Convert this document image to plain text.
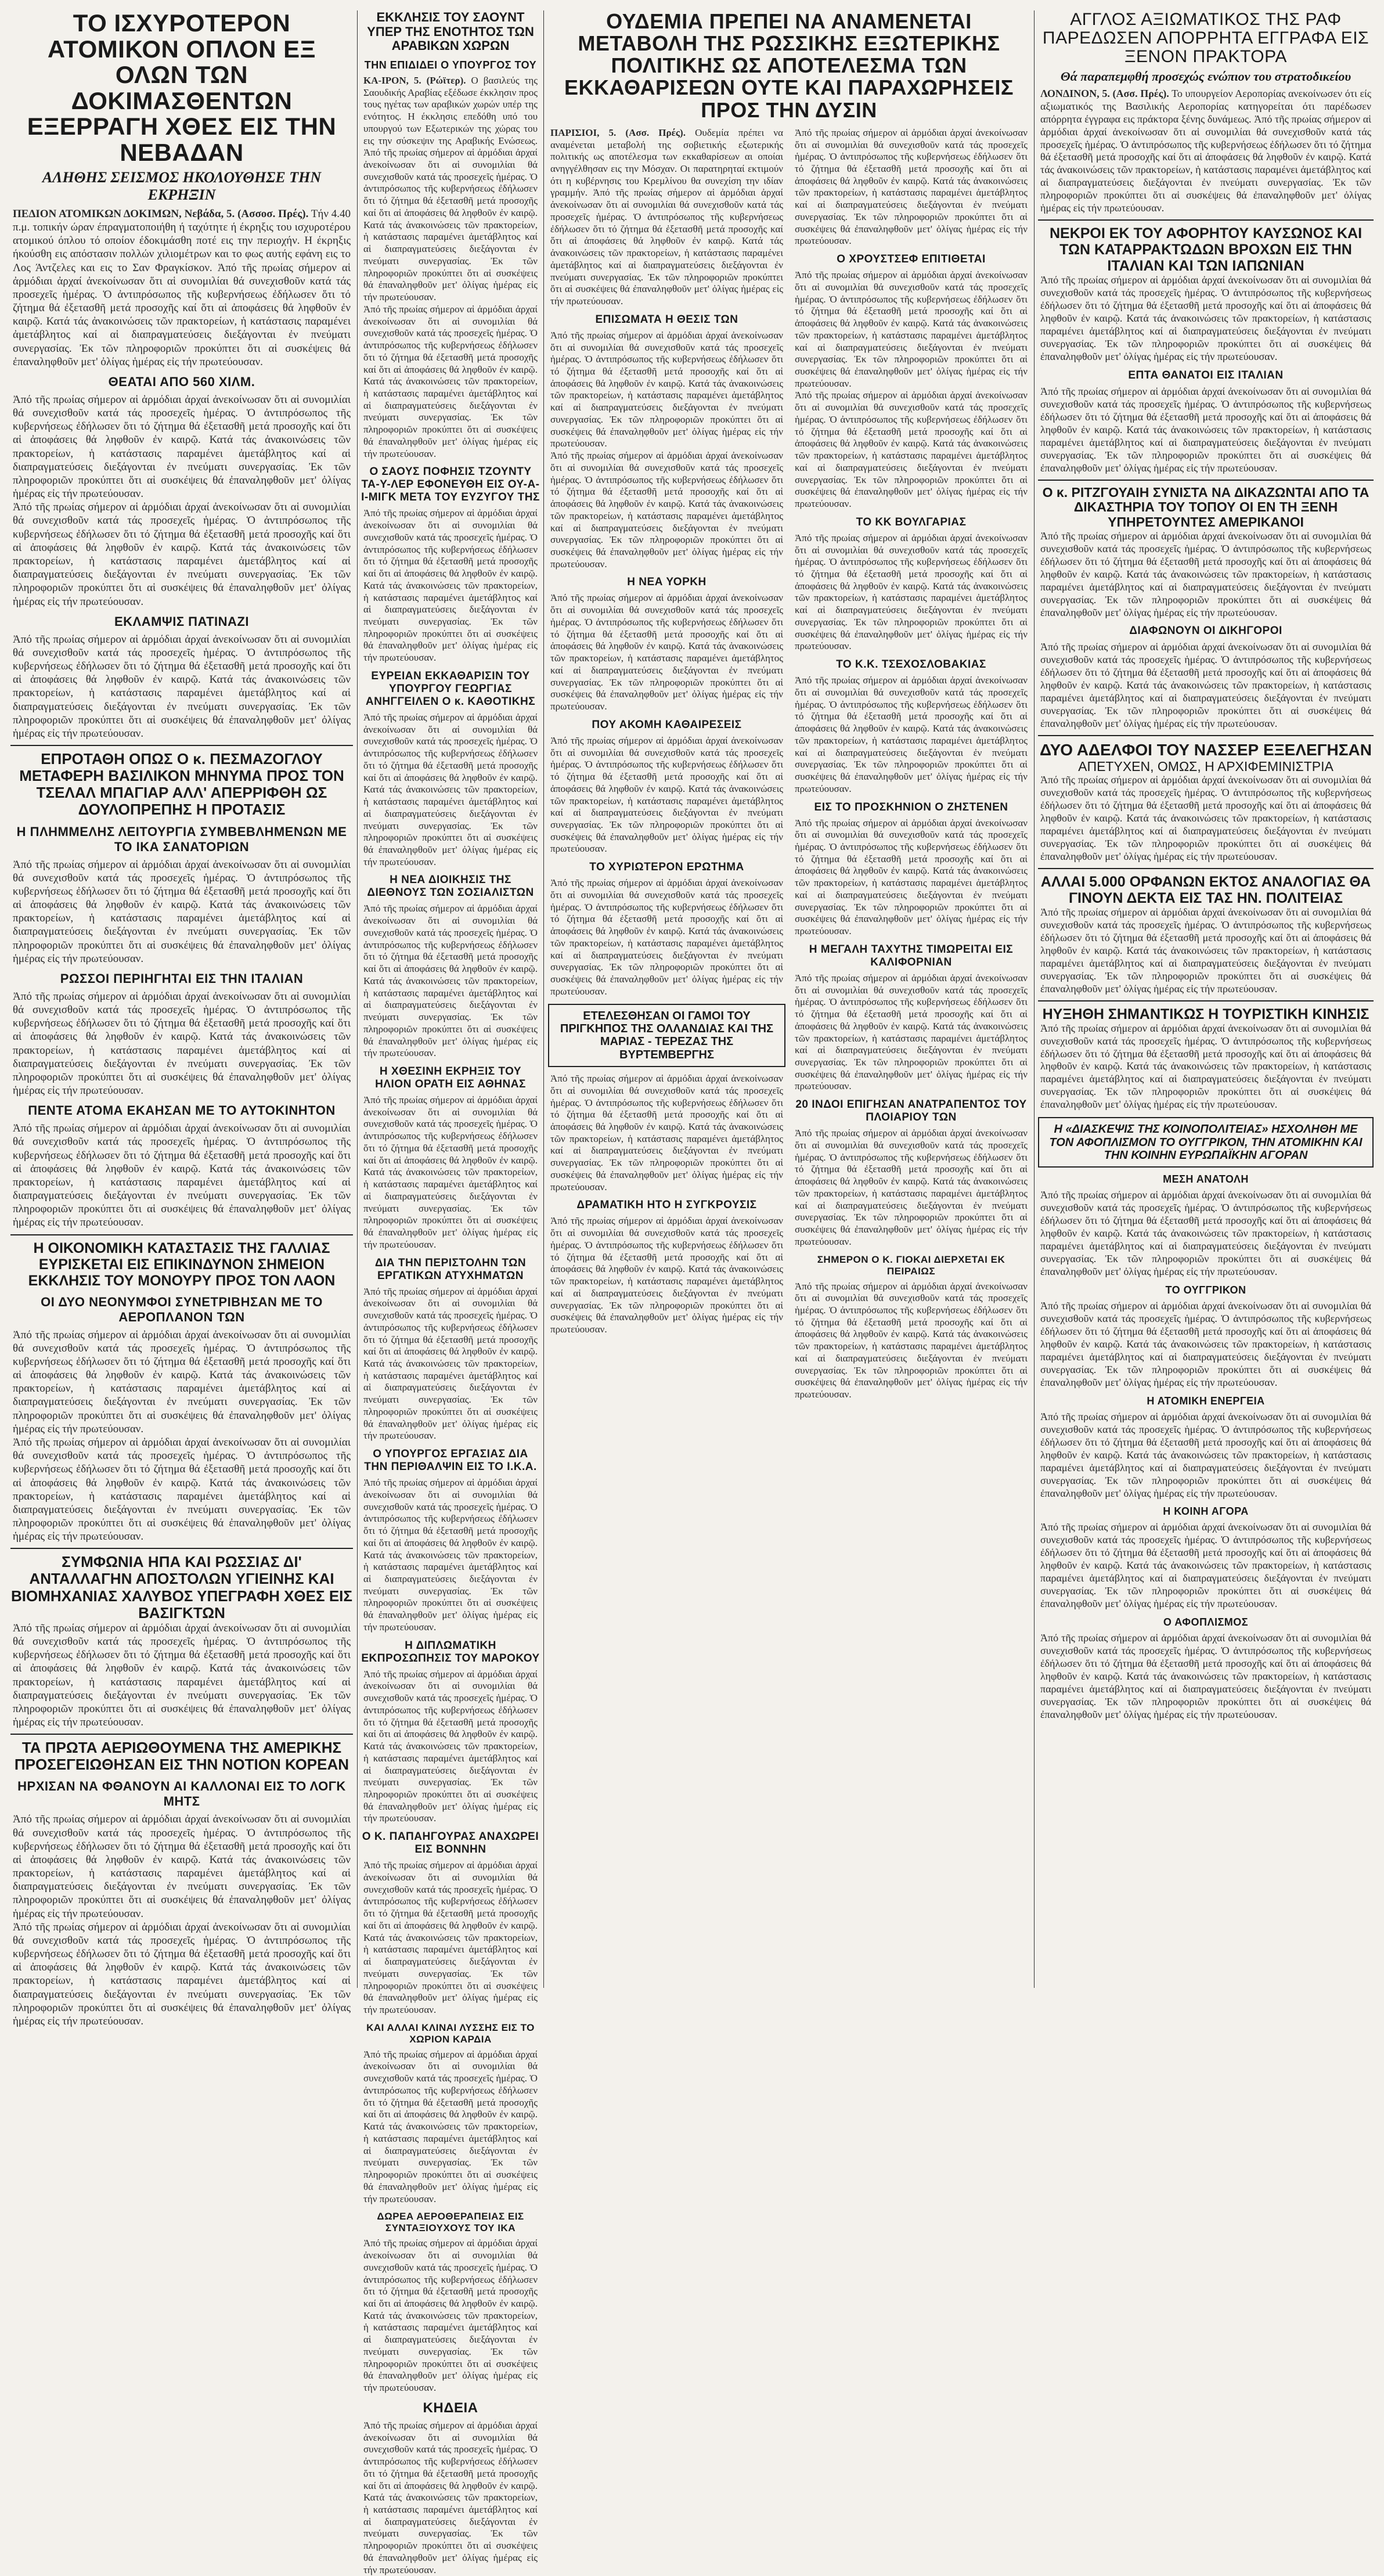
ΤΟ ΙΣΧΥΡΟΤΕΡΟΝ ΑΤΟΜΙΚΟΝ ΟΠΛΟΝ ΕΞ ΟΛΩΝ ΤΩΝ ΔΟΚΙΜΑΣΘΕΝΤΩΝ ΕΞΕΡΡΑΓΗ ΧΘΕΣ ΕΙΣ ΤΗΝ ΝΕΒΑΔΑΝ
ΑΛΗΘΗΣ ΣΕΙΣΜΟΣ ΗΚΟΛΟΥΘΗΣΕ ΤΗΝ ΕΚΡΗΞΙΝ

ΠΕΔΙΟΝ ΑΤΟΜΙΚΩΝ ΔΟΚΙΜΩΝ, Νεβάδα, 5. (Ασσοσ. Πρές). Τήν 4.40 π.μ. τοπικήν ώραν έπραγματοποιήθη ή ταχύτητε ή έκρηξις του ισχυροτέρου ατομικού όπλου τό οποίον έδοκιμάσθη ποτέ εις την περιοχήν. Η έκρηξις ήκούσθη εις απόστασιν πολλών χιλιομέτρων και το φως αυτής εφάνη εις το Λος Άντζελες και εις το Σαν Φραγκίσκον. Ἀπό τῆς πρωίας σήμερον αἱ ἀρμόδιαι ἀρχαί ἀνεκοίνωσαν ὅτι αἱ συνομιλίαι θά συνεχισθοῦν κατά τάς προσεχεῖς ἡμέρας. Ὁ ἀντιπρόσωπος τῆς κυβερνήσεως ἐδήλωσεν ὅτι τό ζήτημα θά ἐξετασθῆ μετά προσοχῆς καί ὅτι αἱ ἀποφάσεις θά ληφθοῦν ἐν καιρῷ. Κατά τάς ἀνακοινώσεις τῶν πρακτορείων, ἡ κατάστασις παραμένει ἀμετάβλητος καί αἱ διαπραγματεύσεις διεξάγονται ἐν πνεύματι συνεργασίας. Ἐκ τῶν πληροφοριῶν προκύπτει ὅτι αἱ συσκέψεις θά ἐπαναληφθοῦν μετ' ὀλίγας ἡμέρας εἰς τήν πρωτεύουσαν.

ΘΕΑΤΑΙ ΑΠΟ 560 ΧΙΛΜ.

Ἀπό τῆς πρωίας σήμερον αἱ ἀρμόδιαι ἀρχαί ἀνεκοίνωσαν ὅτι αἱ συνομιλίαι θά συνεχισθοῦν κατά τάς προσεχεῖς ἡμέρας. Ὁ ἀντιπρόσωπος τῆς κυβερνήσεως ἐδήλωσεν ὅτι τό ζήτημα θά ἐξετασθῆ μετά προσοχῆς καί ὅτι αἱ ἀποφάσεις θά ληφθοῦν ἐν καιρῷ. Κατά τάς ἀνακοινώσεις τῶν πρακτορείων, ἡ κατάστασις παραμένει ἀμετάβλητος καί αἱ διαπραγματεύσεις διεξάγονται ἐν πνεύματι συνεργασίας. Ἐκ τῶν πληροφοριῶν προκύπτει ὅτι αἱ συσκέψεις θά ἐπαναληφθοῦν μετ' ὀλίγας ἡμέρας εἰς τήν πρωτεύουσαν.

Ἀπό τῆς πρωίας σήμερον αἱ ἀρμόδιαι ἀρχαί ἀνεκοίνωσαν ὅτι αἱ συνομιλίαι θά συνεχισθοῦν κατά τάς προσεχεῖς ἡμέρας. Ὁ ἀντιπρόσωπος τῆς κυβερνήσεως ἐδήλωσεν ὅτι τό ζήτημα θά ἐξετασθῆ μετά προσοχῆς καί ὅτι αἱ ἀποφάσεις θά ληφθοῦν ἐν καιρῷ. Κατά τάς ἀνακοινώσεις τῶν πρακτορείων, ἡ κατάστασις παραμένει ἀμετάβλητος καί αἱ διαπραγματεύσεις διεξάγονται ἐν πνεύματι συνεργασίας. Ἐκ τῶν πληροφοριῶν προκύπτει ὅτι αἱ συσκέψεις θά ἐπαναληφθοῦν μετ' ὀλίγας ἡμέρας εἰς τήν πρωτεύουσαν.

ΕΚΛΑΜΨΙΣ ΠΑΤΙΝΑΖΙ

Ἀπό τῆς πρωίας σήμερον αἱ ἀρμόδιαι ἀρχαί ἀνεκοίνωσαν ὅτι αἱ συνομιλίαι θά συνεχισθοῦν κατά τάς προσεχεῖς ἡμέρας. Ὁ ἀντιπρόσωπος τῆς κυβερνήσεως ἐδήλωσεν ὅτι τό ζήτημα θά ἐξετασθῆ μετά προσοχῆς καί ὅτι αἱ ἀποφάσεις θά ληφθοῦν ἐν καιρῷ. Κατά τάς ἀνακοινώσεις τῶν πρακτορείων, ἡ κατάστασις παραμένει ἀμετάβλητος καί αἱ διαπραγματεύσεις διεξάγονται ἐν πνεύματι συνεργασίας. Ἐκ τῶν πληροφοριῶν προκύπτει ὅτι αἱ συσκέψεις θά ἐπαναληφθοῦν μετ' ὀλίγας ἡμέρας εἰς τήν πρωτεύουσαν.

ΕΠΡΟΤΑΘΗ ΟΠΩΣ Ο κ. ΠΕΣΜΑΖΟΓΛΟΥ ΜΕΤΑΦΕΡΗ ΒΑΣΙΛΙΚΟΝ ΜΗΝΥΜΑ ΠΡΟΣ ΤΟΝ ΤΣΕΛΑΛ ΜΠΑΓΙΑΡ ΑΛΛ' ΑΠΕΡΡΙΦΘΗ ΩΣ ΔΟΥΛΟΠΡΕΠΗΣ Η ΠΡΟΤΑΣΙΣ
Η ΠΛΗΜΜΕΛΗΣ ΛΕΙΤΟΥΡΓΙΑ ΣΥΜΒΕΒΛΗΜΕΝΩΝ ΜΕ ΤΟ ΙΚΑ ΣΑΝΑΤΟΡΙΩΝ

Ἀπό τῆς πρωίας σήμερον αἱ ἀρμόδιαι ἀρχαί ἀνεκοίνωσαν ὅτι αἱ συνομιλίαι θά συνεχισθοῦν κατά τάς προσεχεῖς ἡμέρας. Ὁ ἀντιπρόσωπος τῆς κυβερνήσεως ἐδήλωσεν ὅτι τό ζήτημα θά ἐξετασθῆ μετά προσοχῆς καί ὅτι αἱ ἀποφάσεις θά ληφθοῦν ἐν καιρῷ. Κατά τάς ἀνακοινώσεις τῶν πρακτορείων, ἡ κατάστασις παραμένει ἀμετάβλητος καί αἱ διαπραγματεύσεις διεξάγονται ἐν πνεύματι συνεργασίας. Ἐκ τῶν πληροφοριῶν προκύπτει ὅτι αἱ συσκέψεις θά ἐπαναληφθοῦν μετ' ὀλίγας ἡμέρας εἰς τήν πρωτεύουσαν.

ΡΩΣΣΟΙ ΠΕΡΙΗΓΗΤΑΙ ΕΙΣ ΤΗΝ ΙΤΑΛΙΑΝ

Ἀπό τῆς πρωίας σήμερον αἱ ἀρμόδιαι ἀρχαί ἀνεκοίνωσαν ὅτι αἱ συνομιλίαι θά συνεχισθοῦν κατά τάς προσεχεῖς ἡμέρας. Ὁ ἀντιπρόσωπος τῆς κυβερνήσεως ἐδήλωσεν ὅτι τό ζήτημα θά ἐξετασθῆ μετά προσοχῆς καί ὅτι αἱ ἀποφάσεις θά ληφθοῦν ἐν καιρῷ. Κατά τάς ἀνακοινώσεις τῶν πρακτορείων, ἡ κατάστασις παραμένει ἀμετάβλητος καί αἱ διαπραγματεύσεις διεξάγονται ἐν πνεύματι συνεργασίας. Ἐκ τῶν πληροφοριῶν προκύπτει ὅτι αἱ συσκέψεις θά ἐπαναληφθοῦν μετ' ὀλίγας ἡμέρας εἰς τήν πρωτεύουσαν.

ΠΕΝΤΕ ΑΤΟΜΑ ΕΚΑΗΣΑΝ ΜΕ ΤΟ ΑΥΤΟΚΙΝΗΤΟΝ

Ἀπό τῆς πρωίας σήμερον αἱ ἀρμόδιαι ἀρχαί ἀνεκοίνωσαν ὅτι αἱ συνομιλίαι θά συνεχισθοῦν κατά τάς προσεχεῖς ἡμέρας. Ὁ ἀντιπρόσωπος τῆς κυβερνήσεως ἐδήλωσεν ὅτι τό ζήτημα θά ἐξετασθῆ μετά προσοχῆς καί ὅτι αἱ ἀποφάσεις θά ληφθοῦν ἐν καιρῷ. Κατά τάς ἀνακοινώσεις τῶν πρακτορείων, ἡ κατάστασις παραμένει ἀμετάβλητος καί αἱ διαπραγματεύσεις διεξάγονται ἐν πνεύματι συνεργασίας. Ἐκ τῶν πληροφοριῶν προκύπτει ὅτι αἱ συσκέψεις θά ἐπαναληφθοῦν μετ' ὀλίγας ἡμέρας εἰς τήν πρωτεύουσαν.

Η ΟΙΚΟΝΟΜΙΚΗ ΚΑΤΑΣΤΑΣΙΣ ΤΗΣ ΓΑΛΛΙΑΣ ΕΥΡΙΣΚΕΤΑΙ ΕΙΣ ΕΠΙΚΙΝΔΥΝΟΝ ΣΗΜΕΙΟΝ ΕΚΚΛΗΣΙΣ ΤΟΥ ΜΟΝΟΥΡΥ ΠΡΟΣ ΤΟΝ ΛΑΟΝ
ΟΙ ΔΥΟ ΝΕΟΝΥΜΦΟΙ ΣΥΝΕΤΡΙΒΗΣΑΝ ΜΕ ΤΟ ΑΕΡΟΠΛΑΝΟΝ ΤΩΝ

Ἀπό τῆς πρωίας σήμερον αἱ ἀρμόδιαι ἀρχαί ἀνεκοίνωσαν ὅτι αἱ συνομιλίαι θά συνεχισθοῦν κατά τάς προσεχεῖς ἡμέρας. Ὁ ἀντιπρόσωπος τῆς κυβερνήσεως ἐδήλωσεν ὅτι τό ζήτημα θά ἐξετασθῆ μετά προσοχῆς καί ὅτι αἱ ἀποφάσεις θά ληφθοῦν ἐν καιρῷ. Κατά τάς ἀνακοινώσεις τῶν πρακτορείων, ἡ κατάστασις παραμένει ἀμετάβλητος καί αἱ διαπραγματεύσεις διεξάγονται ἐν πνεύματι συνεργασίας. Ἐκ τῶν πληροφοριῶν προκύπτει ὅτι αἱ συσκέψεις θά ἐπαναληφθοῦν μετ' ὀλίγας ἡμέρας εἰς τήν πρωτεύουσαν.

Ἀπό τῆς πρωίας σήμερον αἱ ἀρμόδιαι ἀρχαί ἀνεκοίνωσαν ὅτι αἱ συνομιλίαι θά συνεχισθοῦν κατά τάς προσεχεῖς ἡμέρας. Ὁ ἀντιπρόσωπος τῆς κυβερνήσεως ἐδήλωσεν ὅτι τό ζήτημα θά ἐξετασθῆ μετά προσοχῆς καί ὅτι αἱ ἀποφάσεις θά ληφθοῦν ἐν καιρῷ. Κατά τάς ἀνακοινώσεις τῶν πρακτορείων, ἡ κατάστασις παραμένει ἀμετάβλητος καί αἱ διαπραγματεύσεις διεξάγονται ἐν πνεύματι συνεργασίας. Ἐκ τῶν πληροφοριῶν προκύπτει ὅτι αἱ συσκέψεις θά ἐπαναληφθοῦν μετ' ὀλίγας ἡμέρας εἰς τήν πρωτεύουσαν.

ΣΥΜΦΩΝΙΑ ΗΠΑ ΚΑΙ ΡΩΣΣΙΑΣ ΔΙ' ΑΝΤΑΛΛΑΓΗΝ ΑΠΟΣΤΟΛΩΝ ΥΓΙΕΙΝΗΣ ΚΑΙ ΒΙΟΜΗΧΑΝΙΑΣ ΧΑΛΥΒΟΣ ΥΠΕΓΡΑΦΗ ΧΘΕΣ ΕΙΣ ΒΑΣΙΓΚΤΩΝ

Ἀπό τῆς πρωίας σήμερον αἱ ἀρμόδιαι ἀρχαί ἀνεκοίνωσαν ὅτι αἱ συνομιλίαι θά συνεχισθοῦν κατά τάς προσεχεῖς ἡμέρας. Ὁ ἀντιπρόσωπος τῆς κυβερνήσεως ἐδήλωσεν ὅτι τό ζήτημα θά ἐξετασθῆ μετά προσοχῆς καί ὅτι αἱ ἀποφάσεις θά ληφθοῦν ἐν καιρῷ. Κατά τάς ἀνακοινώσεις τῶν πρακτορείων, ἡ κατάστασις παραμένει ἀμετάβλητος καί αἱ διαπραγματεύσεις διεξάγονται ἐν πνεύματι συνεργασίας. Ἐκ τῶν πληροφοριῶν προκύπτει ὅτι αἱ συσκέψεις θά ἐπαναληφθοῦν μετ' ὀλίγας ἡμέρας εἰς τήν πρωτεύουσαν.

ΤΑ ΠΡΩΤΑ ΑΕΡΙΩΘΟΥΜΕΝΑ ΤΗΣ ΑΜΕΡΙΚΗΣ ΠΡΟΣΕΓΕΙΩΘΗΣΑΝ ΕΙΣ ΤΗΝ ΝΟΤΙΟΝ ΚΟΡΕΑΝ
ΗΡΧΙΣΑΝ ΝΑ ΦΘΑΝΟΥΝ ΑΙ ΚΑΛΛΟΝΑΙ ΕΙΣ ΤΟ ΛΟΓΚ ΜΗΤΣ

Ἀπό τῆς πρωίας σήμερον αἱ ἀρμόδιαι ἀρχαί ἀνεκοίνωσαν ὅτι αἱ συνομιλίαι θά συνεχισθοῦν κατά τάς προσεχεῖς ἡμέρας. Ὁ ἀντιπρόσωπος τῆς κυβερνήσεως ἐδήλωσεν ὅτι τό ζήτημα θά ἐξετασθῆ μετά προσοχῆς καί ὅτι αἱ ἀποφάσεις θά ληφθοῦν ἐν καιρῷ. Κατά τάς ἀνακοινώσεις τῶν πρακτορείων, ἡ κατάστασις παραμένει ἀμετάβλητος καί αἱ διαπραγματεύσεις διεξάγονται ἐν πνεύματι συνεργασίας. Ἐκ τῶν πληροφοριῶν προκύπτει ὅτι αἱ συσκέψεις θά ἐπαναληφθοῦν μετ' ὀλίγας ἡμέρας εἰς τήν πρωτεύουσαν.

Ἀπό τῆς πρωίας σήμερον αἱ ἀρμόδιαι ἀρχαί ἀνεκοίνωσαν ὅτι αἱ συνομιλίαι θά συνεχισθοῦν κατά τάς προσεχεῖς ἡμέρας. Ὁ ἀντιπρόσωπος τῆς κυβερνήσεως ἐδήλωσεν ὅτι τό ζήτημα θά ἐξετασθῆ μετά προσοχῆς καί ὅτι αἱ ἀποφάσεις θά ληφθοῦν ἐν καιρῷ. Κατά τάς ἀνακοινώσεις τῶν πρακτορείων, ἡ κατάστασις παραμένει ἀμετάβλητος καί αἱ διαπραγματεύσεις διεξάγονται ἐν πνεύματι συνεργασίας. Ἐκ τῶν πληροφοριῶν προκύπτει ὅτι αἱ συσκέψεις θά ἐπαναληφθοῦν μετ' ὀλίγας ἡμέρας εἰς τήν πρωτεύουσαν.

ΕΚΚΛΗΣΙΣ ΤΟΥ ΣΑΟΥΝΤ ΥΠΕΡ ΤΗΣ ΕΝΟΤΗΤΟΣ ΤΩΝ ΑΡΑΒΙΚΩΝ ΧΩΡΩΝ
ΤΗΝ ΕΠΙΔΙΔΕΙ Ο ΥΠΟΥΡΓΟΣ ΤΟΥ

ΚΑ-ΙΡΟΝ, 5. (Ρώϊτερ). Ο βασιλεύς της Σαουδικής Αραβίας εξέδωσε έκκλησιν προς τους ηγέτας των αραβικών χωρών υπέρ της ενότητος. Η έκκλησις επεδόθη υπό του υπουργού των Εξωτερικών της χώρας του εις την σύσκεψιν της Αραβικής Ενώσεως. Ἀπό τῆς πρωίας σήμερον αἱ ἀρμόδιαι ἀρχαί ἀνεκοίνωσαν ὅτι αἱ συνομιλίαι θά συνεχισθοῦν κατά τάς προσεχεῖς ἡμέρας. Ὁ ἀντιπρόσωπος τῆς κυβερνήσεως ἐδήλωσεν ὅτι τό ζήτημα θά ἐξετασθῆ μετά προσοχῆς καί ὅτι αἱ ἀποφάσεις θά ληφθοῦν ἐν καιρῷ. Κατά τάς ἀνακοινώσεις τῶν πρακτορείων, ἡ κατάστασις παραμένει ἀμετάβλητος καί αἱ διαπραγματεύσεις διεξάγονται ἐν πνεύματι συνεργασίας. Ἐκ τῶν πληροφοριῶν προκύπτει ὅτι αἱ συσκέψεις θά ἐπαναληφθοῦν μετ' ὀλίγας ἡμέρας εἰς τήν πρωτεύουσαν.

Ἀπό τῆς πρωίας σήμερον αἱ ἀρμόδιαι ἀρχαί ἀνεκοίνωσαν ὅτι αἱ συνομιλίαι θά συνεχισθοῦν κατά τάς προσεχεῖς ἡμέρας. Ὁ ἀντιπρόσωπος τῆς κυβερνήσεως ἐδήλωσεν ὅτι τό ζήτημα θά ἐξετασθῆ μετά προσοχῆς καί ὅτι αἱ ἀποφάσεις θά ληφθοῦν ἐν καιρῷ. Κατά τάς ἀνακοινώσεις τῶν πρακτορείων, ἡ κατάστασις παραμένει ἀμετάβλητος καί αἱ διαπραγματεύσεις διεξάγονται ἐν πνεύματι συνεργασίας. Ἐκ τῶν πληροφοριῶν προκύπτει ὅτι αἱ συσκέψεις θά ἐπαναληφθοῦν μετ' ὀλίγας ἡμέρας εἰς τήν πρωτεύουσαν.

Ο ΣΑΟΥΣ ΠΟΦΗΣΙΣ ΤΖΟΥΝΤΥ ΤΑ-Υ-ΛΕΡ ΕΦΟΝΕΥΘΗ ΕΙΣ ΟΥ-Α-Ι-ΜΙΓΚ ΜΕΤΑ ΤΟΥ ΕΥΖΥΓΟΥ ΤΗΣ

Ἀπό τῆς πρωίας σήμερον αἱ ἀρμόδιαι ἀρχαί ἀνεκοίνωσαν ὅτι αἱ συνομιλίαι θά συνεχισθοῦν κατά τάς προσεχεῖς ἡμέρας. Ὁ ἀντιπρόσωπος τῆς κυβερνήσεως ἐδήλωσεν ὅτι τό ζήτημα θά ἐξετασθῆ μετά προσοχῆς καί ὅτι αἱ ἀποφάσεις θά ληφθοῦν ἐν καιρῷ. Κατά τάς ἀνακοινώσεις τῶν πρακτορείων, ἡ κατάστασις παραμένει ἀμετάβλητος καί αἱ διαπραγματεύσεις διεξάγονται ἐν πνεύματι συνεργασίας. Ἐκ τῶν πληροφοριῶν προκύπτει ὅτι αἱ συσκέψεις θά ἐπαναληφθοῦν μετ' ὀλίγας ἡμέρας εἰς τήν πρωτεύουσαν.

ΕΥΡΕΙΑΝ ΕΚΚΑΘΑΡΙΣΙΝ ΤΟΥ ΥΠΟΥΡΓΟΥ ΓΕΩΡΓΙΑΣ ΑΝΗΓΓΕΙΛΕΝ Ο κ. ΚΑΘΟΤΙΚΗΣ

Ἀπό τῆς πρωίας σήμερον αἱ ἀρμόδιαι ἀρχαί ἀνεκοίνωσαν ὅτι αἱ συνομιλίαι θά συνεχισθοῦν κατά τάς προσεχεῖς ἡμέρας. Ὁ ἀντιπρόσωπος τῆς κυβερνήσεως ἐδήλωσεν ὅτι τό ζήτημα θά ἐξετασθῆ μετά προσοχῆς καί ὅτι αἱ ἀποφάσεις θά ληφθοῦν ἐν καιρῷ. Κατά τάς ἀνακοινώσεις τῶν πρακτορείων, ἡ κατάστασις παραμένει ἀμετάβλητος καί αἱ διαπραγματεύσεις διεξάγονται ἐν πνεύματι συνεργασίας. Ἐκ τῶν πληροφοριῶν προκύπτει ὅτι αἱ συσκέψεις θά ἐπαναληφθοῦν μετ' ὀλίγας ἡμέρας εἰς τήν πρωτεύουσαν.

Η ΝΕΑ ΔΙΟΙΚΗΣΙΣ ΤΗΣ ΔΙΕΘΝΟΥΣ ΤΩΝ ΣΟΣΙΑΛΙΣΤΩΝ

Ἀπό τῆς πρωίας σήμερον αἱ ἀρμόδιαι ἀρχαί ἀνεκοίνωσαν ὅτι αἱ συνομιλίαι θά συνεχισθοῦν κατά τάς προσεχεῖς ἡμέρας. Ὁ ἀντιπρόσωπος τῆς κυβερνήσεως ἐδήλωσεν ὅτι τό ζήτημα θά ἐξετασθῆ μετά προσοχῆς καί ὅτι αἱ ἀποφάσεις θά ληφθοῦν ἐν καιρῷ. Κατά τάς ἀνακοινώσεις τῶν πρακτορείων, ἡ κατάστασις παραμένει ἀμετάβλητος καί αἱ διαπραγματεύσεις διεξάγονται ἐν πνεύματι συνεργασίας. Ἐκ τῶν πληροφοριῶν προκύπτει ὅτι αἱ συσκέψεις θά ἐπαναληφθοῦν μετ' ὀλίγας ἡμέρας εἰς τήν πρωτεύουσαν.

Η ΧΘΕΣΙΝΗ ΕΚΡΗΞΙΣ ΤΟΥ ΗΛΙΟΝ ΟΡΑΤΗ ΕΙΣ ΑΘΗΝΑΣ

Ἀπό τῆς πρωίας σήμερον αἱ ἀρμόδιαι ἀρχαί ἀνεκοίνωσαν ὅτι αἱ συνομιλίαι θά συνεχισθοῦν κατά τάς προσεχεῖς ἡμέρας. Ὁ ἀντιπρόσωπος τῆς κυβερνήσεως ἐδήλωσεν ὅτι τό ζήτημα θά ἐξετασθῆ μετά προσοχῆς καί ὅτι αἱ ἀποφάσεις θά ληφθοῦν ἐν καιρῷ. Κατά τάς ἀνακοινώσεις τῶν πρακτορείων, ἡ κατάστασις παραμένει ἀμετάβλητος καί αἱ διαπραγματεύσεις διεξάγονται ἐν πνεύματι συνεργασίας. Ἐκ τῶν πληροφοριῶν προκύπτει ὅτι αἱ συσκέψεις θά ἐπαναληφθοῦν μετ' ὀλίγας ἡμέρας εἰς τήν πρωτεύουσαν.

ΔΙΑ ΤΗΝ ΠΕΡΙΣΤΟΛΗΝ ΤΩΝ ΕΡΓΑΤΙΚΩΝ ΑΤΥΧΗΜΑΤΩΝ

Ἀπό τῆς πρωίας σήμερον αἱ ἀρμόδιαι ἀρχαί ἀνεκοίνωσαν ὅτι αἱ συνομιλίαι θά συνεχισθοῦν κατά τάς προσεχεῖς ἡμέρας. Ὁ ἀντιπρόσωπος τῆς κυβερνήσεως ἐδήλωσεν ὅτι τό ζήτημα θά ἐξετασθῆ μετά προσοχῆς καί ὅτι αἱ ἀποφάσεις θά ληφθοῦν ἐν καιρῷ. Κατά τάς ἀνακοινώσεις τῶν πρακτορείων, ἡ κατάστασις παραμένει ἀμετάβλητος καί αἱ διαπραγματεύσεις διεξάγονται ἐν πνεύματι συνεργασίας. Ἐκ τῶν πληροφοριῶν προκύπτει ὅτι αἱ συσκέψεις θά ἐπαναληφθοῦν μετ' ὀλίγας ἡμέρας εἰς τήν πρωτεύουσαν.

Ο ΥΠΟΥΡΓΟΣ ΕΡΓΑΣΙΑΣ ΔΙΑ ΤΗΝ ΠΕΡΙΘΑΛΨΙΝ ΕΙΣ ΤΟ Ι.Κ.Α.

Ἀπό τῆς πρωίας σήμερον αἱ ἀρμόδιαι ἀρχαί ἀνεκοίνωσαν ὅτι αἱ συνομιλίαι θά συνεχισθοῦν κατά τάς προσεχεῖς ἡμέρας. Ὁ ἀντιπρόσωπος τῆς κυβερνήσεως ἐδήλωσεν ὅτι τό ζήτημα θά ἐξετασθῆ μετά προσοχῆς καί ὅτι αἱ ἀποφάσεις θά ληφθοῦν ἐν καιρῷ. Κατά τάς ἀνακοινώσεις τῶν πρακτορείων, ἡ κατάστασις παραμένει ἀμετάβλητος καί αἱ διαπραγματεύσεις διεξάγονται ἐν πνεύματι συνεργασίας. Ἐκ τῶν πληροφοριῶν προκύπτει ὅτι αἱ συσκέψεις θά ἐπαναληφθοῦν μετ' ὀλίγας ἡμέρας εἰς τήν πρωτεύουσαν.

Η ΔΙΠΛΩΜΑΤΙΚΗ ΕΚΠΡΟΣΩΠΗΣΙΣ ΤΟΥ ΜΑΡΟΚΟΥ

Ἀπό τῆς πρωίας σήμερον αἱ ἀρμόδιαι ἀρχαί ἀνεκοίνωσαν ὅτι αἱ συνομιλίαι θά συνεχισθοῦν κατά τάς προσεχεῖς ἡμέρας. Ὁ ἀντιπρόσωπος τῆς κυβερνήσεως ἐδήλωσεν ὅτι τό ζήτημα θά ἐξετασθῆ μετά προσοχῆς καί ὅτι αἱ ἀποφάσεις θά ληφθοῦν ἐν καιρῷ. Κατά τάς ἀνακοινώσεις τῶν πρακτορείων, ἡ κατάστασις παραμένει ἀμετάβλητος καί αἱ διαπραγματεύσεις διεξάγονται ἐν πνεύματι συνεργασίας. Ἐκ τῶν πληροφοριῶν προκύπτει ὅτι αἱ συσκέψεις θά ἐπαναληφθοῦν μετ' ὀλίγας ἡμέρας εἰς τήν πρωτεύουσαν.

Ο Κ. ΠΑΠΑΗΓΟΥΡΑΣ ΑΝΑΧΩΡΕΙ ΕΙΣ ΒΟΝΝΗΝ

Ἀπό τῆς πρωίας σήμερον αἱ ἀρμόδιαι ἀρχαί ἀνεκοίνωσαν ὅτι αἱ συνομιλίαι θά συνεχισθοῦν κατά τάς προσεχεῖς ἡμέρας. Ὁ ἀντιπρόσωπος τῆς κυβερνήσεως ἐδήλωσεν ὅτι τό ζήτημα θά ἐξετασθῆ μετά προσοχῆς καί ὅτι αἱ ἀποφάσεις θά ληφθοῦν ἐν καιρῷ. Κατά τάς ἀνακοινώσεις τῶν πρακτορείων, ἡ κατάστασις παραμένει ἀμετάβλητος καί αἱ διαπραγματεύσεις διεξάγονται ἐν πνεύματι συνεργασίας. Ἐκ τῶν πληροφοριῶν προκύπτει ὅτι αἱ συσκέψεις θά ἐπαναληφθοῦν μετ' ὀλίγας ἡμέρας εἰς τήν πρωτεύουσαν.

ΚΑΙ ΑΛΛΑΙ ΚΛΙΝΑΙ ΛΥΣΣΗΣ ΕΙΣ ΤΟ ΧΩΡΙΟΝ ΚΑΡΔΙΑ

Ἀπό τῆς πρωίας σήμερον αἱ ἀρμόδιαι ἀρχαί ἀνεκοίνωσαν ὅτι αἱ συνομιλίαι θά συνεχισθοῦν κατά τάς προσεχεῖς ἡμέρας. Ὁ ἀντιπρόσωπος τῆς κυβερνήσεως ἐδήλωσεν ὅτι τό ζήτημα θά ἐξετασθῆ μετά προσοχῆς καί ὅτι αἱ ἀποφάσεις θά ληφθοῦν ἐν καιρῷ. Κατά τάς ἀνακοινώσεις τῶν πρακτορείων, ἡ κατάστασις παραμένει ἀμετάβλητος καί αἱ διαπραγματεύσεις διεξάγονται ἐν πνεύματι συνεργασίας. Ἐκ τῶν πληροφοριῶν προκύπτει ὅτι αἱ συσκέψεις θά ἐπαναληφθοῦν μετ' ὀλίγας ἡμέρας εἰς τήν πρωτεύουσαν.

ΔΩΡΕΑ ΑΕΡΟΘΕΡΑΠΕΙΑΣ ΕΙΣ ΣΥΝΤΑΞΙΟΥΧΟΥΣ ΤΟΥ ΙΚΑ

Ἀπό τῆς πρωίας σήμερον αἱ ἀρμόδιαι ἀρχαί ἀνεκοίνωσαν ὅτι αἱ συνομιλίαι θά συνεχισθοῦν κατά τάς προσεχεῖς ἡμέρας. Ὁ ἀντιπρόσωπος τῆς κυβερνήσεως ἐδήλωσεν ὅτι τό ζήτημα θά ἐξετασθῆ μετά προσοχῆς καί ὅτι αἱ ἀποφάσεις θά ληφθοῦν ἐν καιρῷ. Κατά τάς ἀνακοινώσεις τῶν πρακτορείων, ἡ κατάστασις παραμένει ἀμετάβλητος καί αἱ διαπραγματεύσεις διεξάγονται ἐν πνεύματι συνεργασίας. Ἐκ τῶν πληροφοριῶν προκύπτει ὅτι αἱ συσκέψεις θά ἐπαναληφθοῦν μετ' ὀλίγας ἡμέρας εἰς τήν πρωτεύουσαν.

ΚΗΔΕΙΑ

Ἀπό τῆς πρωίας σήμερον αἱ ἀρμόδιαι ἀρχαί ἀνεκοίνωσαν ὅτι αἱ συνομιλίαι θά συνεχισθοῦν κατά τάς προσεχεῖς ἡμέρας. Ὁ ἀντιπρόσωπος τῆς κυβερνήσεως ἐδήλωσεν ὅτι τό ζήτημα θά ἐξετασθῆ μετά προσοχῆς καί ὅτι αἱ ἀποφάσεις θά ληφθοῦν ἐν καιρῷ. Κατά τάς ἀνακοινώσεις τῶν πρακτορείων, ἡ κατάστασις παραμένει ἀμετάβλητος καί αἱ διαπραγματεύσεις διεξάγονται ἐν πνεύματι συνεργασίας. Ἐκ τῶν πληροφοριῶν προκύπτει ὅτι αἱ συσκέψεις θά ἐπαναληφθοῦν μετ' ὀλίγας ἡμέρας εἰς τήν πρωτεύουσαν.

ΟΥΔΕΜΙΑ ΠΡΕΠΕΙ ΝΑ ΑΝΑΜΕΝΕΤΑΙ ΜΕΤΑΒΟΛΗ ΤΗΣ ΡΩΣΣΙΚΗΣ ΕΞΩΤΕΡΙΚΗΣ ΠΟΛΙΤΙΚΗΣ ΩΣ ΑΠΟΤΕΛΕΣΜΑ ΤΩΝ ΕΚΚΑΘΑΡΙΣΕΩΝ ΟΥΤΕ ΚΑΙ ΠΑΡΑΧΩΡΗΣΕΙΣ ΠΡΟΣ ΤΗΝ ΔΥΣΙΝ

ΠΑΡΙΣΙΟΙ, 5. (Ασσ. Πρές). Ουδεμία πρέπει να αναμένεται μεταβολή της σοβιετικής εξωτερικής πολιτικής ως αποτέλεσμα των εκκαθαρίσεων αι οποίαι ανηγγέλθησαν εις την Μόσχαν. Οι παρατηρηταί εκτιμούν ότι η κυβέρνησις του Κρεμλίνου θα συνεχίση την ιδίαν γραμμήν. Ἀπό τῆς πρωίας σήμερον αἱ ἀρμόδιαι ἀρχαί ἀνεκοίνωσαν ὅτι αἱ συνομιλίαι θά συνεχισθοῦν κατά τάς προσεχεῖς ἡμέρας. Ὁ ἀντιπρόσωπος τῆς κυβερνήσεως ἐδήλωσεν ὅτι τό ζήτημα θά ἐξετασθῆ μετά προσοχῆς καί ὅτι αἱ ἀποφάσεις θά ληφθοῦν ἐν καιρῷ. Κατά τάς ἀνακοινώσεις τῶν πρακτορείων, ἡ κατάστασις παραμένει ἀμετάβλητος καί αἱ διαπραγματεύσεις διεξάγονται ἐν πνεύματι συνεργασίας. Ἐκ τῶν πληροφοριῶν προκύπτει ὅτι αἱ συσκέψεις θά ἐπαναληφθοῦν μετ' ὀλίγας ἡμέρας εἰς τήν πρωτεύουσαν.

ΕΠΙΣΩΜΑΤΑ Η ΘΕΣΙΣ ΤΩΝ

Ἀπό τῆς πρωίας σήμερον αἱ ἀρμόδιαι ἀρχαί ἀνεκοίνωσαν ὅτι αἱ συνομιλίαι θά συνεχισθοῦν κατά τάς προσεχεῖς ἡμέρας. Ὁ ἀντιπρόσωπος τῆς κυβερνήσεως ἐδήλωσεν ὅτι τό ζήτημα θά ἐξετασθῆ μετά προσοχῆς καί ὅτι αἱ ἀποφάσεις θά ληφθοῦν ἐν καιρῷ. Κατά τάς ἀνακοινώσεις τῶν πρακτορείων, ἡ κατάστασις παραμένει ἀμετάβλητος καί αἱ διαπραγματεύσεις διεξάγονται ἐν πνεύματι συνεργασίας. Ἐκ τῶν πληροφοριῶν προκύπτει ὅτι αἱ συσκέψεις θά ἐπαναληφθοῦν μετ' ὀλίγας ἡμέρας εἰς τήν πρωτεύουσαν.

Ἀπό τῆς πρωίας σήμερον αἱ ἀρμόδιαι ἀρχαί ἀνεκοίνωσαν ὅτι αἱ συνομιλίαι θά συνεχισθοῦν κατά τάς προσεχεῖς ἡμέρας. Ὁ ἀντιπρόσωπος τῆς κυβερνήσεως ἐδήλωσεν ὅτι τό ζήτημα θά ἐξετασθῆ μετά προσοχῆς καί ὅτι αἱ ἀποφάσεις θά ληφθοῦν ἐν καιρῷ. Κατά τάς ἀνακοινώσεις τῶν πρακτορείων, ἡ κατάστασις παραμένει ἀμετάβλητος καί αἱ διαπραγματεύσεις διεξάγονται ἐν πνεύματι συνεργασίας. Ἐκ τῶν πληροφοριῶν προκύπτει ὅτι αἱ συσκέψεις θά ἐπαναληφθοῦν μετ' ὀλίγας ἡμέρας εἰς τήν πρωτεύουσαν.

Η ΝΕΑ ΥΟΡΚΗ

Ἀπό τῆς πρωίας σήμερον αἱ ἀρμόδιαι ἀρχαί ἀνεκοίνωσαν ὅτι αἱ συνομιλίαι θά συνεχισθοῦν κατά τάς προσεχεῖς ἡμέρας. Ὁ ἀντιπρόσωπος τῆς κυβερνήσεως ἐδήλωσεν ὅτι τό ζήτημα θά ἐξετασθῆ μετά προσοχῆς καί ὅτι αἱ ἀποφάσεις θά ληφθοῦν ἐν καιρῷ. Κατά τάς ἀνακοινώσεις τῶν πρακτορείων, ἡ κατάστασις παραμένει ἀμετάβλητος καί αἱ διαπραγματεύσεις διεξάγονται ἐν πνεύματι συνεργασίας. Ἐκ τῶν πληροφοριῶν προκύπτει ὅτι αἱ συσκέψεις θά ἐπαναληφθοῦν μετ' ὀλίγας ἡμέρας εἰς τήν πρωτεύουσαν.

ΠΟΥ ΑΚΟΜΗ ΚΑΘΑΙΡΕΣΕΙΣ

Ἀπό τῆς πρωίας σήμερον αἱ ἀρμόδιαι ἀρχαί ἀνεκοίνωσαν ὅτι αἱ συνομιλίαι θά συνεχισθοῦν κατά τάς προσεχεῖς ἡμέρας. Ὁ ἀντιπρόσωπος τῆς κυβερνήσεως ἐδήλωσεν ὅτι τό ζήτημα θά ἐξετασθῆ μετά προσοχῆς καί ὅτι αἱ ἀποφάσεις θά ληφθοῦν ἐν καιρῷ. Κατά τάς ἀνακοινώσεις τῶν πρακτορείων, ἡ κατάστασις παραμένει ἀμετάβλητος καί αἱ διαπραγματεύσεις διεξάγονται ἐν πνεύματι συνεργασίας. Ἐκ τῶν πληροφοριῶν προκύπτει ὅτι αἱ συσκέψεις θά ἐπαναληφθοῦν μετ' ὀλίγας ἡμέρας εἰς τήν πρωτεύουσαν.

ΤΟ ΧΥΡΙΩΤΕΡΟΝ ΕΡΩΤΗΜΑ

Ἀπό τῆς πρωίας σήμερον αἱ ἀρμόδιαι ἀρχαί ἀνεκοίνωσαν ὅτι αἱ συνομιλίαι θά συνεχισθοῦν κατά τάς προσεχεῖς ἡμέρας. Ὁ ἀντιπρόσωπος τῆς κυβερνήσεως ἐδήλωσεν ὅτι τό ζήτημα θά ἐξετασθῆ μετά προσοχῆς καί ὅτι αἱ ἀποφάσεις θά ληφθοῦν ἐν καιρῷ. Κατά τάς ἀνακοινώσεις τῶν πρακτορείων, ἡ κατάστασις παραμένει ἀμετάβλητος καί αἱ διαπραγματεύσεις διεξάγονται ἐν πνεύματι συνεργασίας. Ἐκ τῶν πληροφοριῶν προκύπτει ὅτι αἱ συσκέψεις θά ἐπαναληφθοῦν μετ' ὀλίγας ἡμέρας εἰς τήν πρωτεύουσαν.

ΕΤΕΛΕΣΘΗΣΑΝ ΟΙ ΓΑΜΟΙ ΤΟΥ ΠΡΙΓΚΗΠΟΣ ΤΗΣ ΟΛΛΑΝΔΙΑΣ ΚΑΙ ΤΗΣ ΜΑΡΙΑΣ - ΤΕΡΕΖΑΣ ΤΗΣ ΒΥΡΤΕΜΒΕΡΓΗΣ

Ἀπό τῆς πρωίας σήμερον αἱ ἀρμόδιαι ἀρχαί ἀνεκοίνωσαν ὅτι αἱ συνομιλίαι θά συνεχισθοῦν κατά τάς προσεχεῖς ἡμέρας. Ὁ ἀντιπρόσωπος τῆς κυβερνήσεως ἐδήλωσεν ὅτι τό ζήτημα θά ἐξετασθῆ μετά προσοχῆς καί ὅτι αἱ ἀποφάσεις θά ληφθοῦν ἐν καιρῷ. Κατά τάς ἀνακοινώσεις τῶν πρακτορείων, ἡ κατάστασις παραμένει ἀμετάβλητος καί αἱ διαπραγματεύσεις διεξάγονται ἐν πνεύματι συνεργασίας. Ἐκ τῶν πληροφοριῶν προκύπτει ὅτι αἱ συσκέψεις θά ἐπαναληφθοῦν μετ' ὀλίγας ἡμέρας εἰς τήν πρωτεύουσαν.

ΔΡΑΜΑΤΙΚΗ ΗΤΟ Η ΣΥΓΚΡΟΥΣΙΣ

Ἀπό τῆς πρωίας σήμερον αἱ ἀρμόδιαι ἀρχαί ἀνεκοίνωσαν ὅτι αἱ συνομιλίαι θά συνεχισθοῦν κατά τάς προσεχεῖς ἡμέρας. Ὁ ἀντιπρόσωπος τῆς κυβερνήσεως ἐδήλωσεν ὅτι τό ζήτημα θά ἐξετασθῆ μετά προσοχῆς καί ὅτι αἱ ἀποφάσεις θά ληφθοῦν ἐν καιρῷ. Κατά τάς ἀνακοινώσεις τῶν πρακτορείων, ἡ κατάστασις παραμένει ἀμετάβλητος καί αἱ διαπραγματεύσεις διεξάγονται ἐν πνεύματι συνεργασίας. Ἐκ τῶν πληροφοριῶν προκύπτει ὅτι αἱ συσκέψεις θά ἐπαναληφθοῦν μετ' ὀλίγας ἡμέρας εἰς τήν πρωτεύουσαν.

Ἀπό τῆς πρωίας σήμερον αἱ ἀρμόδιαι ἀρχαί ἀνεκοίνωσαν ὅτι αἱ συνομιλίαι θά συνεχισθοῦν κατά τάς προσεχεῖς ἡμέρας. Ὁ ἀντιπρόσωπος τῆς κυβερνήσεως ἐδήλωσεν ὅτι τό ζήτημα θά ἐξετασθῆ μετά προσοχῆς καί ὅτι αἱ ἀποφάσεις θά ληφθοῦν ἐν καιρῷ. Κατά τάς ἀνακοινώσεις τῶν πρακτορείων, ἡ κατάστασις παραμένει ἀμετάβλητος καί αἱ διαπραγματεύσεις διεξάγονται ἐν πνεύματι συνεργασίας. Ἐκ τῶν πληροφοριῶν προκύπτει ὅτι αἱ συσκέψεις θά ἐπαναληφθοῦν μετ' ὀλίγας ἡμέρας εἰς τήν πρωτεύουσαν.

Ο ΧΡΟΥΣΤΣΕΦ ΕΠΙΤΙΘΕΤΑΙ

Ἀπό τῆς πρωίας σήμερον αἱ ἀρμόδιαι ἀρχαί ἀνεκοίνωσαν ὅτι αἱ συνομιλίαι θά συνεχισθοῦν κατά τάς προσεχεῖς ἡμέρας. Ὁ ἀντιπρόσωπος τῆς κυβερνήσεως ἐδήλωσεν ὅτι τό ζήτημα θά ἐξετασθῆ μετά προσοχῆς καί ὅτι αἱ ἀποφάσεις θά ληφθοῦν ἐν καιρῷ. Κατά τάς ἀνακοινώσεις τῶν πρακτορείων, ἡ κατάστασις παραμένει ἀμετάβλητος καί αἱ διαπραγματεύσεις διεξάγονται ἐν πνεύματι συνεργασίας. Ἐκ τῶν πληροφοριῶν προκύπτει ὅτι αἱ συσκέψεις θά ἐπαναληφθοῦν μετ' ὀλίγας ἡμέρας εἰς τήν πρωτεύουσαν.

Ἀπό τῆς πρωίας σήμερον αἱ ἀρμόδιαι ἀρχαί ἀνεκοίνωσαν ὅτι αἱ συνομιλίαι θά συνεχισθοῦν κατά τάς προσεχεῖς ἡμέρας. Ὁ ἀντιπρόσωπος τῆς κυβερνήσεως ἐδήλωσεν ὅτι τό ζήτημα θά ἐξετασθῆ μετά προσοχῆς καί ὅτι αἱ ἀποφάσεις θά ληφθοῦν ἐν καιρῷ. Κατά τάς ἀνακοινώσεις τῶν πρακτορείων, ἡ κατάστασις παραμένει ἀμετάβλητος καί αἱ διαπραγματεύσεις διεξάγονται ἐν πνεύματι συνεργασίας. Ἐκ τῶν πληροφοριῶν προκύπτει ὅτι αἱ συσκέψεις θά ἐπαναληφθοῦν μετ' ὀλίγας ἡμέρας εἰς τήν πρωτεύουσαν.

ΤΟ ΚΚ ΒΟΥΛΓΑΡΙΑΣ

Ἀπό τῆς πρωίας σήμερον αἱ ἀρμόδιαι ἀρχαί ἀνεκοίνωσαν ὅτι αἱ συνομιλίαι θά συνεχισθοῦν κατά τάς προσεχεῖς ἡμέρας. Ὁ ἀντιπρόσωπος τῆς κυβερνήσεως ἐδήλωσεν ὅτι τό ζήτημα θά ἐξετασθῆ μετά προσοχῆς καί ὅτι αἱ ἀποφάσεις θά ληφθοῦν ἐν καιρῷ. Κατά τάς ἀνακοινώσεις τῶν πρακτορείων, ἡ κατάστασις παραμένει ἀμετάβλητος καί αἱ διαπραγματεύσεις διεξάγονται ἐν πνεύματι συνεργασίας. Ἐκ τῶν πληροφοριῶν προκύπτει ὅτι αἱ συσκέψεις θά ἐπαναληφθοῦν μετ' ὀλίγας ἡμέρας εἰς τήν πρωτεύουσαν.

ΤΟ Κ.Κ. ΤΣΕΧΟΣΛΟΒΑΚΙΑΣ

Ἀπό τῆς πρωίας σήμερον αἱ ἀρμόδιαι ἀρχαί ἀνεκοίνωσαν ὅτι αἱ συνομιλίαι θά συνεχισθοῦν κατά τάς προσεχεῖς ἡμέρας. Ὁ ἀντιπρόσωπος τῆς κυβερνήσεως ἐδήλωσεν ὅτι τό ζήτημα θά ἐξετασθῆ μετά προσοχῆς καί ὅτι αἱ ἀποφάσεις θά ληφθοῦν ἐν καιρῷ. Κατά τάς ἀνακοινώσεις τῶν πρακτορείων, ἡ κατάστασις παραμένει ἀμετάβλητος καί αἱ διαπραγματεύσεις διεξάγονται ἐν πνεύματι συνεργασίας. Ἐκ τῶν πληροφοριῶν προκύπτει ὅτι αἱ συσκέψεις θά ἐπαναληφθοῦν μετ' ὀλίγας ἡμέρας εἰς τήν πρωτεύουσαν.

ΕΙΣ ΤΟ ΠΡΟΣΚΗΝΙΟΝ Ο ΖΗΣΤΕΝΕΝ

Ἀπό τῆς πρωίας σήμερον αἱ ἀρμόδιαι ἀρχαί ἀνεκοίνωσαν ὅτι αἱ συνομιλίαι θά συνεχισθοῦν κατά τάς προσεχεῖς ἡμέρας. Ὁ ἀντιπρόσωπος τῆς κυβερνήσεως ἐδήλωσεν ὅτι τό ζήτημα θά ἐξετασθῆ μετά προσοχῆς καί ὅτι αἱ ἀποφάσεις θά ληφθοῦν ἐν καιρῷ. Κατά τάς ἀνακοινώσεις τῶν πρακτορείων, ἡ κατάστασις παραμένει ἀμετάβλητος καί αἱ διαπραγματεύσεις διεξάγονται ἐν πνεύματι συνεργασίας. Ἐκ τῶν πληροφοριῶν προκύπτει ὅτι αἱ συσκέψεις θά ἐπαναληφθοῦν μετ' ὀλίγας ἡμέρας εἰς τήν πρωτεύουσαν.

Η ΜΕΓΑΛΗ ΤΑΧΥΤΗΣ ΤΙΜΩΡΕΙΤΑΙ ΕΙΣ ΚΑΛΙΦΟΡΝΙΑΝ

Ἀπό τῆς πρωίας σήμερον αἱ ἀρμόδιαι ἀρχαί ἀνεκοίνωσαν ὅτι αἱ συνομιλίαι θά συνεχισθοῦν κατά τάς προσεχεῖς ἡμέρας. Ὁ ἀντιπρόσωπος τῆς κυβερνήσεως ἐδήλωσεν ὅτι τό ζήτημα θά ἐξετασθῆ μετά προσοχῆς καί ὅτι αἱ ἀποφάσεις θά ληφθοῦν ἐν καιρῷ. Κατά τάς ἀνακοινώσεις τῶν πρακτορείων, ἡ κατάστασις παραμένει ἀμετάβλητος καί αἱ διαπραγματεύσεις διεξάγονται ἐν πνεύματι συνεργασίας. Ἐκ τῶν πληροφοριῶν προκύπτει ὅτι αἱ συσκέψεις θά ἐπαναληφθοῦν μετ' ὀλίγας ἡμέρας εἰς τήν πρωτεύουσαν.

20 ΙΝΔΟΙ ΕΠΙΓΗΣΑΝ ΑΝΑΤΡΑΠΕΝΤΟΣ ΤΟΥ ΠΛΟΙΑΡΙΟΥ ΤΩΝ

Ἀπό τῆς πρωίας σήμερον αἱ ἀρμόδιαι ἀρχαί ἀνεκοίνωσαν ὅτι αἱ συνομιλίαι θά συνεχισθοῦν κατά τάς προσεχεῖς ἡμέρας. Ὁ ἀντιπρόσωπος τῆς κυβερνήσεως ἐδήλωσεν ὅτι τό ζήτημα θά ἐξετασθῆ μετά προσοχῆς καί ὅτι αἱ ἀποφάσεις θά ληφθοῦν ἐν καιρῷ. Κατά τάς ἀνακοινώσεις τῶν πρακτορείων, ἡ κατάστασις παραμένει ἀμετάβλητος καί αἱ διαπραγματεύσεις διεξάγονται ἐν πνεύματι συνεργασίας. Ἐκ τῶν πληροφοριῶν προκύπτει ὅτι αἱ συσκέψεις θά ἐπαναληφθοῦν μετ' ὀλίγας ἡμέρας εἰς τήν πρωτεύουσαν.

ΣΗΜΕΡΟΝ Ο Κ. ΓΙΟΚΑΙ ΔΙΕΡΧΕΤΑΙ ΕΚ ΠΕΙΡΑΙΩΣ

Ἀπό τῆς πρωίας σήμερον αἱ ἀρμόδιαι ἀρχαί ἀνεκοίνωσαν ὅτι αἱ συνομιλίαι θά συνεχισθοῦν κατά τάς προσεχεῖς ἡμέρας. Ὁ ἀντιπρόσωπος τῆς κυβερνήσεως ἐδήλωσεν ὅτι τό ζήτημα θά ἐξετασθῆ μετά προσοχῆς καί ὅτι αἱ ἀποφάσεις θά ληφθοῦν ἐν καιρῷ. Κατά τάς ἀνακοινώσεις τῶν πρακτορείων, ἡ κατάστασις παραμένει ἀμετάβλητος καί αἱ διαπραγματεύσεις διεξάγονται ἐν πνεύματι συνεργασίας. Ἐκ τῶν πληροφοριῶν προκύπτει ὅτι αἱ συσκέψεις θά ἐπαναληφθοῦν μετ' ὀλίγας ἡμέρας εἰς τήν πρωτεύουσαν.

ΑΓΓΛΟΣ ΑΞΙΩΜΑΤΙΚΟΣ ΤΗΣ ΡΑΦ ΠΑΡΕΔΩΣΕΝ ΑΠΟΡΡΗΤΑ ΕΓΓΡΑΦΑ ΕΙΣ ΞΕΝΟΝ ΠΡΑΚΤΟΡΑ
Θά παραπεμφθή προσεχώς ενώπιον του στρατοδικείου

ΛΟΝΔΙΝΟΝ, 5. (Ασσ. Πρές). Το υπουργείον Αεροπορίας ανεκοίνωσεν ότι είς αξιωματικός της Βασιλικής Αεροπορίας κατηγορείται ότι παρέδωσεν απόρρητα έγγραφα εις πράκτορα ξένης δυνάμεως. Ἀπό τῆς πρωίας σήμερον αἱ ἀρμόδιαι ἀρχαί ἀνεκοίνωσαν ὅτι αἱ συνομιλίαι θά συνεχισθοῦν κατά τάς προσεχεῖς ἡμέρας. Ὁ ἀντιπρόσωπος τῆς κυβερνήσεως ἐδήλωσεν ὅτι τό ζήτημα θά ἐξετασθῆ μετά προσοχῆς καί ὅτι αἱ ἀποφάσεις θά ληφθοῦν ἐν καιρῷ. Κατά τάς ἀνακοινώσεις τῶν πρακτορείων, ἡ κατάστασις παραμένει ἀμετάβλητος καί αἱ διαπραγματεύσεις διεξάγονται ἐν πνεύματι συνεργασίας. Ἐκ τῶν πληροφοριῶν προκύπτει ὅτι αἱ συσκέψεις θά ἐπαναληφθοῦν μετ' ὀλίγας ἡμέρας εἰς τήν πρωτεύουσαν.

ΝΕΚΡΟΙ ΕΚ ΤΟΥ ΑΦΟΡΗΤΟΥ ΚΑΥΣΩΝΟΣ ΚΑΙ ΤΩΝ ΚΑΤΑΡΡΑΚΤΩΔΩΝ ΒΡΟΧΩΝ ΕΙΣ ΤΗΝ ΙΤΑΛΙΑΝ ΚΑΙ ΤΩΝ ΙΑΠΩΝΙΑΝ

Ἀπό τῆς πρωίας σήμερον αἱ ἀρμόδιαι ἀρχαί ἀνεκοίνωσαν ὅτι αἱ συνομιλίαι θά συνεχισθοῦν κατά τάς προσεχεῖς ἡμέρας. Ὁ ἀντιπρόσωπος τῆς κυβερνήσεως ἐδήλωσεν ὅτι τό ζήτημα θά ἐξετασθῆ μετά προσοχῆς καί ὅτι αἱ ἀποφάσεις θά ληφθοῦν ἐν καιρῷ. Κατά τάς ἀνακοινώσεις τῶν πρακτορείων, ἡ κατάστασις παραμένει ἀμετάβλητος καί αἱ διαπραγματεύσεις διεξάγονται ἐν πνεύματι συνεργασίας. Ἐκ τῶν πληροφοριῶν προκύπτει ὅτι αἱ συσκέψεις θά ἐπαναληφθοῦν μετ' ὀλίγας ἡμέρας εἰς τήν πρωτεύουσαν.

ΕΠΤΑ ΘΑΝΑΤΟΙ ΕΙΣ ΙΤΑΛΙΑΝ

Ἀπό τῆς πρωίας σήμερον αἱ ἀρμόδιαι ἀρχαί ἀνεκοίνωσαν ὅτι αἱ συνομιλίαι θά συνεχισθοῦν κατά τάς προσεχεῖς ἡμέρας. Ὁ ἀντιπρόσωπος τῆς κυβερνήσεως ἐδήλωσεν ὅτι τό ζήτημα θά ἐξετασθῆ μετά προσοχῆς καί ὅτι αἱ ἀποφάσεις θά ληφθοῦν ἐν καιρῷ. Κατά τάς ἀνακοινώσεις τῶν πρακτορείων, ἡ κατάστασις παραμένει ἀμετάβλητος καί αἱ διαπραγματεύσεις διεξάγονται ἐν πνεύματι συνεργασίας. Ἐκ τῶν πληροφοριῶν προκύπτει ὅτι αἱ συσκέψεις θά ἐπαναληφθοῦν μετ' ὀλίγας ἡμέρας εἰς τήν πρωτεύουσαν.

Ο κ. ΡΙΤΖΓΟΥΑΙΗ ΣΥΝΙΣΤΑ ΝΑ ΔΙΚΑΖΩΝΤΑΙ ΑΠΟ ΤΑ ΔΙΚΑΣΤΗΡΙΑ ΤΟΥ ΤΟΠΟΥ ΟΙ ΕΝ ΤΗ ΞΕΝΗ ΥΠΗΡΕΤΟΥΝΤΕΣ ΑΜΕΡΙΚΑΝΟΙ

Ἀπό τῆς πρωίας σήμερον αἱ ἀρμόδιαι ἀρχαί ἀνεκοίνωσαν ὅτι αἱ συνομιλίαι θά συνεχισθοῦν κατά τάς προσεχεῖς ἡμέρας. Ὁ ἀντιπρόσωπος τῆς κυβερνήσεως ἐδήλωσεν ὅτι τό ζήτημα θά ἐξετασθῆ μετά προσοχῆς καί ὅτι αἱ ἀποφάσεις θά ληφθοῦν ἐν καιρῷ. Κατά τάς ἀνακοινώσεις τῶν πρακτορείων, ἡ κατάστασις παραμένει ἀμετάβλητος καί αἱ διαπραγματεύσεις διεξάγονται ἐν πνεύματι συνεργασίας. Ἐκ τῶν πληροφοριῶν προκύπτει ὅτι αἱ συσκέψεις θά ἐπαναληφθοῦν μετ' ὀλίγας ἡμέρας εἰς τήν πρωτεύουσαν.

ΔΙΑΦΩΝΟΥΝ ΟΙ ΔΙΚΗΓΟΡΟΙ

Ἀπό τῆς πρωίας σήμερον αἱ ἀρμόδιαι ἀρχαί ἀνεκοίνωσαν ὅτι αἱ συνομιλίαι θά συνεχισθοῦν κατά τάς προσεχεῖς ἡμέρας. Ὁ ἀντιπρόσωπος τῆς κυβερνήσεως ἐδήλωσεν ὅτι τό ζήτημα θά ἐξετασθῆ μετά προσοχῆς καί ὅτι αἱ ἀποφάσεις θά ληφθοῦν ἐν καιρῷ. Κατά τάς ἀνακοινώσεις τῶν πρακτορείων, ἡ κατάστασις παραμένει ἀμετάβλητος καί αἱ διαπραγματεύσεις διεξάγονται ἐν πνεύματι συνεργασίας. Ἐκ τῶν πληροφοριῶν προκύπτει ὅτι αἱ συσκέψεις θά ἐπαναληφθοῦν μετ' ὀλίγας ἡμέρας εἰς τήν πρωτεύουσαν.

ΔΥΟ ΑΔΕΛΦΟΙ ΤΟΥ ΝΑΣΣΕΡ ΕΞΕΛΕΓΗΣΑΝ
ΑΠΕΤΥΧΕΝ, ΟΜΩΣ, Η ΑΡΧΙΦΕΜΙΝΙΣΤΡΙΑ

Ἀπό τῆς πρωίας σήμερον αἱ ἀρμόδιαι ἀρχαί ἀνεκοίνωσαν ὅτι αἱ συνομιλίαι θά συνεχισθοῦν κατά τάς προσεχεῖς ἡμέρας. Ὁ ἀντιπρόσωπος τῆς κυβερνήσεως ἐδήλωσεν ὅτι τό ζήτημα θά ἐξετασθῆ μετά προσοχῆς καί ὅτι αἱ ἀποφάσεις θά ληφθοῦν ἐν καιρῷ. Κατά τάς ἀνακοινώσεις τῶν πρακτορείων, ἡ κατάστασις παραμένει ἀμετάβλητος καί αἱ διαπραγματεύσεις διεξάγονται ἐν πνεύματι συνεργασίας. Ἐκ τῶν πληροφοριῶν προκύπτει ὅτι αἱ συσκέψεις θά ἐπαναληφθοῦν μετ' ὀλίγας ἡμέρας εἰς τήν πρωτεύουσαν.

ΑΛΛΑΙ 5.000 ΟΡΦΑΝΩΝ ΕΚΤΟΣ ΑΝΑΛΟΓΙΑΣ ΘΑ ΓΙΝΟΥΝ ΔΕΚΤΑ ΕΙΣ ΤΑΣ ΗΝ. ΠΟΛΙΤΕΙΑΣ

Ἀπό τῆς πρωίας σήμερον αἱ ἀρμόδιαι ἀρχαί ἀνεκοίνωσαν ὅτι αἱ συνομιλίαι θά συνεχισθοῦν κατά τάς προσεχεῖς ἡμέρας. Ὁ ἀντιπρόσωπος τῆς κυβερνήσεως ἐδήλωσεν ὅτι τό ζήτημα θά ἐξετασθῆ μετά προσοχῆς καί ὅτι αἱ ἀποφάσεις θά ληφθοῦν ἐν καιρῷ. Κατά τάς ἀνακοινώσεις τῶν πρακτορείων, ἡ κατάστασις παραμένει ἀμετάβλητος καί αἱ διαπραγματεύσεις διεξάγονται ἐν πνεύματι συνεργασίας. Ἐκ τῶν πληροφοριῶν προκύπτει ὅτι αἱ συσκέψεις θά ἐπαναληφθοῦν μετ' ὀλίγας ἡμέρας εἰς τήν πρωτεύουσαν.

ΗΥΞΗΘΗ ΣΗΜΑΝΤΙΚΩΣ Η ΤΟΥΡΙΣΤΙΚΗ ΚΙΝΗΣΙΣ

Ἀπό τῆς πρωίας σήμερον αἱ ἀρμόδιαι ἀρχαί ἀνεκοίνωσαν ὅτι αἱ συνομιλίαι θά συνεχισθοῦν κατά τάς προσεχεῖς ἡμέρας. Ὁ ἀντιπρόσωπος τῆς κυβερνήσεως ἐδήλωσεν ὅτι τό ζήτημα θά ἐξετασθῆ μετά προσοχῆς καί ὅτι αἱ ἀποφάσεις θά ληφθοῦν ἐν καιρῷ. Κατά τάς ἀνακοινώσεις τῶν πρακτορείων, ἡ κατάστασις παραμένει ἀμετάβλητος καί αἱ διαπραγματεύσεις διεξάγονται ἐν πνεύματι συνεργασίας. Ἐκ τῶν πληροφοριῶν προκύπτει ὅτι αἱ συσκέψεις θά ἐπαναληφθοῦν μετ' ὀλίγας ἡμέρας εἰς τήν πρωτεύουσαν.

Η «ΔΙΑΣΚΕΨΙΣ ΤΗΣ ΚΟΙΝΟΠΟΛΙΤΕΙΑΣ» ΗΣΧΟΛΗΘΗ ΜΕ ΤΟΝ ΑΦΟΠΛΙΣΜΟΝ ΤΟ ΟΥΓΓΡΙΚΟΝ, ΤΗΝ ΑΤΟΜΙΚΗΝ ΚΑΙ ΤΗΝ ΚΟΙΝΗΝ ΕΥΡΩΠΑΪΚΗΝ ΑΓΟΡΑΝ
ΜΕΣΗ ΑΝΑΤΟΛΗ

Ἀπό τῆς πρωίας σήμερον αἱ ἀρμόδιαι ἀρχαί ἀνεκοίνωσαν ὅτι αἱ συνομιλίαι θά συνεχισθοῦν κατά τάς προσεχεῖς ἡμέρας. Ὁ ἀντιπρόσωπος τῆς κυβερνήσεως ἐδήλωσεν ὅτι τό ζήτημα θά ἐξετασθῆ μετά προσοχῆς καί ὅτι αἱ ἀποφάσεις θά ληφθοῦν ἐν καιρῷ. Κατά τάς ἀνακοινώσεις τῶν πρακτορείων, ἡ κατάστασις παραμένει ἀμετάβλητος καί αἱ διαπραγματεύσεις διεξάγονται ἐν πνεύματι συνεργασίας. Ἐκ τῶν πληροφοριῶν προκύπτει ὅτι αἱ συσκέψεις θά ἐπαναληφθοῦν μετ' ὀλίγας ἡμέρας εἰς τήν πρωτεύουσαν.

ΤΟ ΟΥΓΓΡΙΚΟΝ

Ἀπό τῆς πρωίας σήμερον αἱ ἀρμόδιαι ἀρχαί ἀνεκοίνωσαν ὅτι αἱ συνομιλίαι θά συνεχισθοῦν κατά τάς προσεχεῖς ἡμέρας. Ὁ ἀντιπρόσωπος τῆς κυβερνήσεως ἐδήλωσεν ὅτι τό ζήτημα θά ἐξετασθῆ μετά προσοχῆς καί ὅτι αἱ ἀποφάσεις θά ληφθοῦν ἐν καιρῷ. Κατά τάς ἀνακοινώσεις τῶν πρακτορείων, ἡ κατάστασις παραμένει ἀμετάβλητος καί αἱ διαπραγματεύσεις διεξάγονται ἐν πνεύματι συνεργασίας. Ἐκ τῶν πληροφοριῶν προκύπτει ὅτι αἱ συσκέψεις θά ἐπαναληφθοῦν μετ' ὀλίγας ἡμέρας εἰς τήν πρωτεύουσαν.

Η ΑΤΟΜΙΚΗ ΕΝΕΡΓΕΙΑ

Ἀπό τῆς πρωίας σήμερον αἱ ἀρμόδιαι ἀρχαί ἀνεκοίνωσαν ὅτι αἱ συνομιλίαι θά συνεχισθοῦν κατά τάς προσεχεῖς ἡμέρας. Ὁ ἀντιπρόσωπος τῆς κυβερνήσεως ἐδήλωσεν ὅτι τό ζήτημα θά ἐξετασθῆ μετά προσοχῆς καί ὅτι αἱ ἀποφάσεις θά ληφθοῦν ἐν καιρῷ. Κατά τάς ἀνακοινώσεις τῶν πρακτορείων, ἡ κατάστασις παραμένει ἀμετάβλητος καί αἱ διαπραγματεύσεις διεξάγονται ἐν πνεύματι συνεργασίας. Ἐκ τῶν πληροφοριῶν προκύπτει ὅτι αἱ συσκέψεις θά ἐπαναληφθοῦν μετ' ὀλίγας ἡμέρας εἰς τήν πρωτεύουσαν.

Η ΚΟΙΝΗ ΑΓΟΡΑ

Ἀπό τῆς πρωίας σήμερον αἱ ἀρμόδιαι ἀρχαί ἀνεκοίνωσαν ὅτι αἱ συνομιλίαι θά συνεχισθοῦν κατά τάς προσεχεῖς ἡμέρας. Ὁ ἀντιπρόσωπος τῆς κυβερνήσεως ἐδήλωσεν ὅτι τό ζήτημα θά ἐξετασθῆ μετά προσοχῆς καί ὅτι αἱ ἀποφάσεις θά ληφθοῦν ἐν καιρῷ. Κατά τάς ἀνακοινώσεις τῶν πρακτορείων, ἡ κατάστασις παραμένει ἀμετάβλητος καί αἱ διαπραγματεύσεις διεξάγονται ἐν πνεύματι συνεργασίας. Ἐκ τῶν πληροφοριῶν προκύπτει ὅτι αἱ συσκέψεις θά ἐπαναληφθοῦν μετ' ὀλίγας ἡμέρας εἰς τήν πρωτεύουσαν.

Ο ΑΦΟΠΛΙΣΜΟΣ

Ἀπό τῆς πρωίας σήμερον αἱ ἀρμόδιαι ἀρχαί ἀνεκοίνωσαν ὅτι αἱ συνομιλίαι θά συνεχισθοῦν κατά τάς προσεχεῖς ἡμέρας. Ὁ ἀντιπρόσωπος τῆς κυβερνήσεως ἐδήλωσεν ὅτι τό ζήτημα θά ἐξετασθῆ μετά προσοχῆς καί ὅτι αἱ ἀποφάσεις θά ληφθοῦν ἐν καιρῷ. Κατά τάς ἀνακοινώσεις τῶν πρακτορείων, ἡ κατάστασις παραμένει ἀμετάβλητος καί αἱ διαπραγματεύσεις διεξάγονται ἐν πνεύματι συνεργασίας. Ἐκ τῶν πληροφοριῶν προκύπτει ὅτι αἱ συσκέψεις θά ἐπαναληφθοῦν μετ' ὀλίγας ἡμέρας εἰς τήν πρωτεύουσαν.
